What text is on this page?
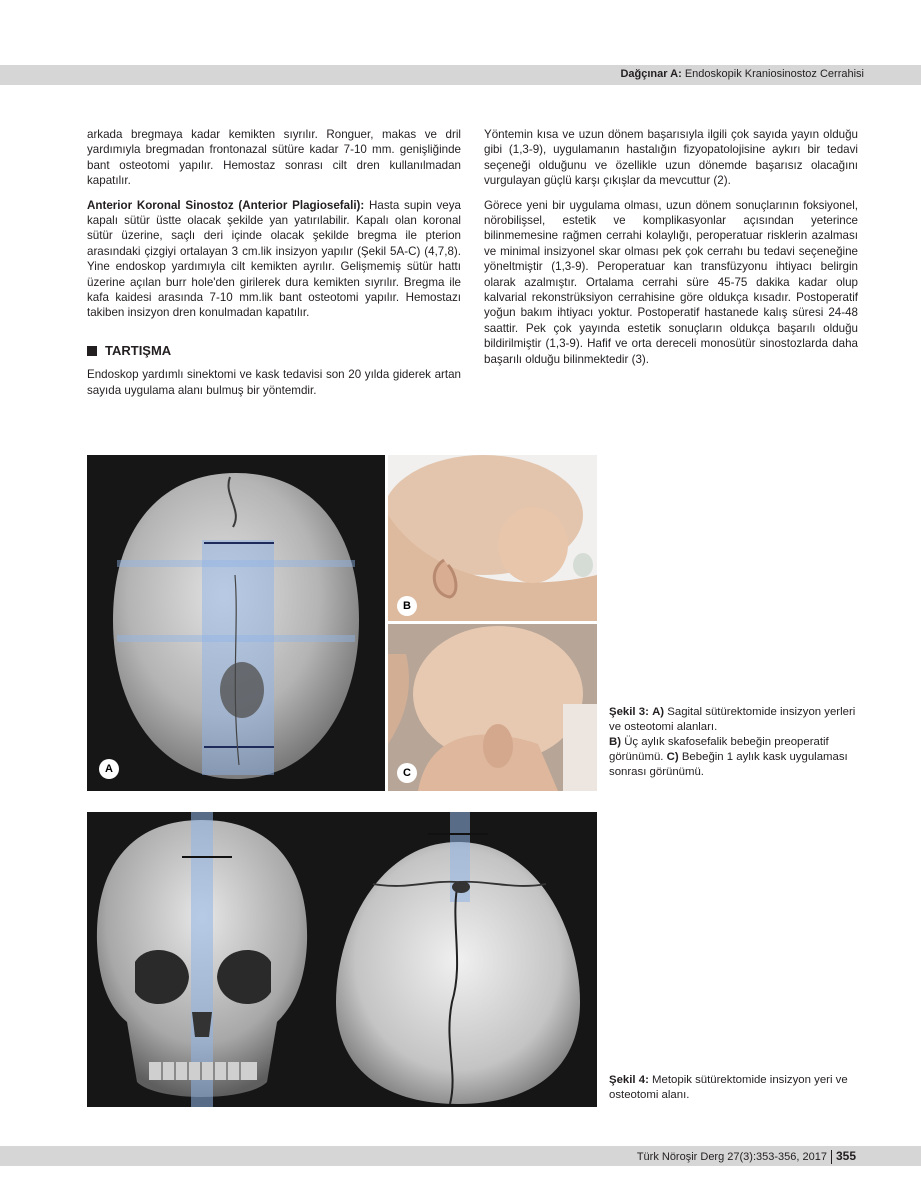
Dağçınar A: Endoskopik Kraniosinostoz Cerrahisi

arkada bregmaya kadar kemikten sıyrılır. Ronguer, makas ve dril yardımıyla bregmadan frontonazal sütüre kadar 7-10 mm. genişliğinde bant osteotomi yapılır. Hemostaz sonrası cilt dren kullanılmadan kapatılır.

Anterior Koronal Sinostoz (Anterior Plagiosefali): Hasta supin veya kapalı sütür üstte olacak şekilde yan yatırılabilir. Kapalı olan koronal sütür üzerine, saçlı deri içinde olacak şekilde bregma ile pterion arasındaki çizgiyi ortalayan 3 cm.lik insizyon yapılır (Şekil 5A-C) (4,7,8). Yine endoskop yardımıyla cilt kemikten ayrılır. Gelişmemiş sütür hattı üzerine açılan burr hole'den girilerek dura kemikten sıyrılır. Bregma ile kafa kaidesi arasında 7-10 mm.lik bant osteotomi yapılır. Hemostazı takiben insizyon dren konulmadan kapatılır.

TARTIŞMA

Endoskop yardımlı sinektomi ve kask tedavisi son 20 yılda giderek artan sayıda uygulama alanı bulmuş bir yöntemdir.

Yöntemin kısa ve uzun dönem başarısıyla ilgili çok sayıda yayın olduğu gibi (1,3-9), uygulamanın hastalığın fizyopatolojisine aykırı bir tedavi seçeneği olduğunu ve özellikle uzun dönemde başarısız olacağını vurgulayan güçlü karşı çıkışlar da mevcuttur (2).

Görece yeni bir uygulama olması, uzun dönem sonuçlarının foksiyonel, nörobilişsel, estetik ve komplikasyonlar açısından yeterince bilinmemesine rağmen cerrahi kolaylığı, peroperatuar risklerin azalması ve minimal insizyonel skar olması pek çok cerrahı bu tedavi seçeneğine yöneltmiştir (1,3-9). Peroperatuar kan transfüzyonu ihtiyacı belirgin olarak azalmıştır. Ortalama cerrahi süre 45-75 dakika kadar olup kalvarial rekonstrüksiyon cerrahisine göre oldukça kısadır. Postoperatif yoğun bakım ihtiyacı yoktur. Postoperatif hastanede kalış süresi 24-48 saattir. Pek çok yayında estetik sonuçların oldukça başarılı olduğu bildirilmiştir (1,3-9). Hafif ve orta dereceli monosütür sinostozlarda daha başarılı olduğu bilinmektedir (3).

A
B
C
Şekil 3: A) Sagital sütürektomide insizyon yerleri ve osteotomi alanları.
B) Üç aylık skafosefalik bebeğin preoperatif görünümü. C) Bebeğin 1 aylık kask uygulaması sonrası görünümü.
Şekil 4: Metopik sütürektomide insizyon yeri ve osteotomi alanı.
Türk Nöroşir Derg 27(3):353-356, 2017 355
